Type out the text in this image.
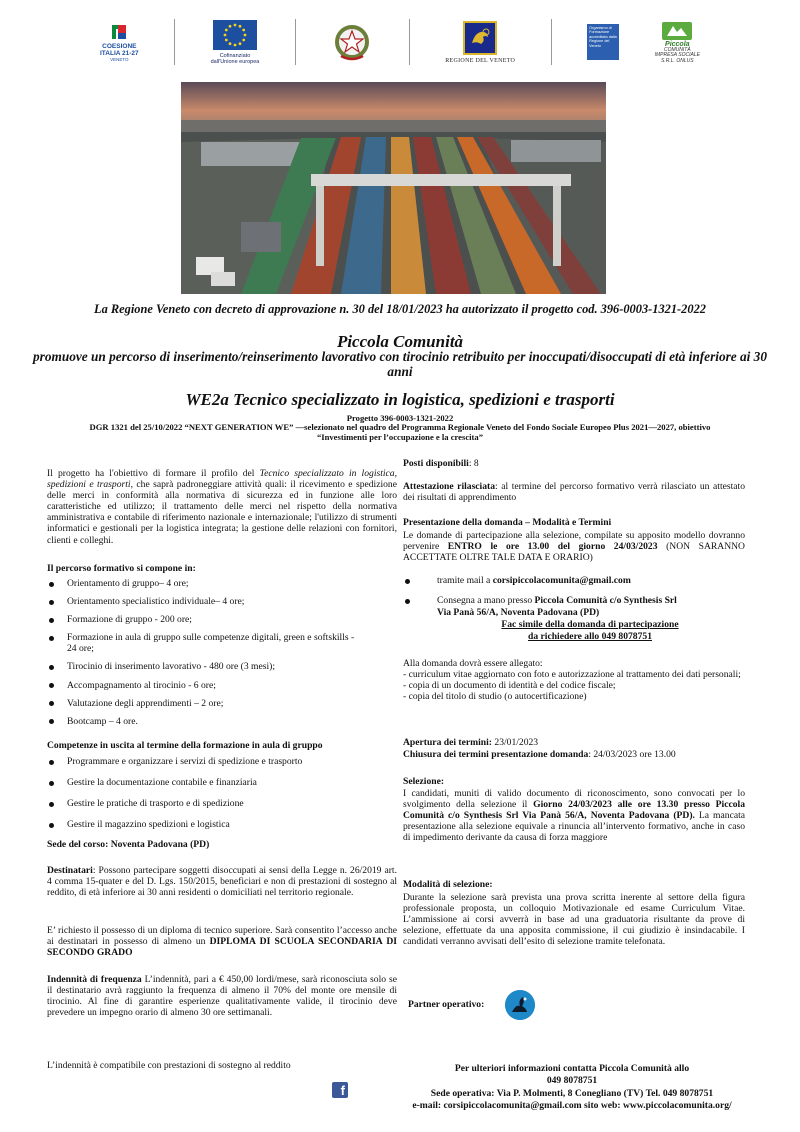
COESIONE
ITALIA 21-27
VENETO
Cofinanziato
dall'Unione europea	REGIONE DEL VENETO
Organismo di Formazione accreditato dalla Regione del Veneto	Piccola
COMUNITÀ
IMPRESA SOCIALE
S.R.L. ONLUS
La Regione Veneto con decreto di approvazione n. 30 del 18/01/2023 ha autorizzato il progetto cod. 396-0003-1321-2022
Piccola Comunità
promuove un percorso di inserimento/reinserimento lavorativo con tirocinio retribuito per inoccupati/disoccupati di età inferiore ai 30 anni
WE2a Tecnico specializzato in logistica, spedizioni e trasporti
Progetto 396-0003-1321-2022
DGR 1321 del 25/10/2022 “NEXT GENERATION WE” —selezionato nel quadro del Programma Regionale Veneto del Fondo Sociale Europeo Plus 2021—2027, obiettivo “Investimenti per l’occupazione e la crescita”
Il progetto ha l'obiettivo di formare il profilo del Tecnico specializzato in logistica, spedizioni e trasporti, che saprà padroneggiare attività quali: il ricevimento e spedizione delle merci in conformità alla normativa di sicurezza ed in funzione alle loro caratteristiche ed utilizzo; il trattamento delle merci nel rispetto della normativa amministrativa e contabile di riferimento nazionale e internazionale; l'utilizzo di strumenti informatici e gestionali per la logistica integrata; la gestione delle relazioni con fornitori, clienti e colleghi.
Il percorso formativo si compone in:
Orientamento di gruppo– 4 ore;
Orientamento specialistico individuale– 4 ore;
Formazione di gruppo - 200 ore;
Formazione in aula di gruppo sulle competenze digitali, green e softskills - 24 ore;
Tirocinio di inserimento lavorativo - 480 ore (3 mesi);
Accompagnamento al tirocinio - 6 ore;
Valutazione degli apprendimenti – 2 ore;
Bootcamp – 4 ore.
Competenze in uscita al termine della formazione in aula di gruppo
Programmare e organizzare i servizi di spedizione e trasporto
Gestire la documentazione contabile e finanziaria
Gestire le pratiche di trasporto e di spedizione
Gestire il magazzino spedizioni e logistica
Sede del corso: Noventa Padovana (PD)
Destinatari: Possono partecipare soggetti disoccupati ai sensi della Legge n. 26/2019 art. 4 comma 15-quater e del D. Lgs. 150/2015, beneficiari e non di prestazioni di sostegno al reddito, di età inferiore ai 30 anni residenti o domiciliati nel territorio regionale.
E’ richiesto il possesso di un diploma di tecnico superiore. Sarà consentito l’accesso anche ai destinatari in possesso di almeno un DIPLOMA DI SCUOLA SECONDARIA DI SECONDO GRADO
Indennità di frequenza L’indennità, pari a € 450,00 lordi/mese, sarà riconosciuta solo se il destinatario avrà raggiunto la frequenza di almeno il 70% del monte ore mensile di tirocinio. Al fine di garantire esperienze qualitativamente valide, il tirocinio deve prevedere un impegno orario di almeno 30 ore settimanali.
L’indennità è compatibile con prestazioni di sostegno al reddito
Posti disponibili: 8
Attestazione rilasciata: al termine del percorso formativo verrà rilasciato un attestato dei risultati di apprendimento
Presentazione della domanda – Modalità e Termini
Le domande di partecipazione alla selezione, compilate su apposito modello dovranno pervenire ENTRO le ore 13.00 del giorno 24/03/2023 (NON SARANNO ACCETTATE OLTRE TALE DATA E ORARIO)
tramite mail a corsipiccolacomunita@gmail.com
Consegna a mano presso Piccola Comunità c/o Synthesis Srl
Via Panà 56/A, Noventa Padovana (PD)
Fac simile della domanda di partecipazione
da richiedere allo 049 8078751
Alla domanda dovrà essere allegato:
- curriculum vitae aggiornato con foto e autorizzazione al trattamento dei dati personali;
- copia di un documento di identità e del codice fiscale;
- copia del titolo di studio (o autocertificazione)
Apertura dei termini: 23/01/2023
Chiusura dei termini presentazione domanda: 24/03/2023 ore 13.00
Selezione:
I candidati, muniti di valido documento di riconoscimento, sono convocati per lo svolgimento della selezione il Giorno 24/03/2023 alle ore 13.30 presso Piccola Comunità c/o Synthesis Srl Via Panà 56/A, Noventa Padovana (PD). La mancata presentazione alla selezione equivale a rinuncia all’intervento formativo, anche in caso di impedimento derivante da causa di forza maggiore
Modalità di selezione:
Durante la selezione sarà prevista una prova scritta inerente al settore della figura professionale proposta, un colloquio Motivazionale ed esame Curriculum Vitae. L’ammissione ai corsi avverrà in base ad una graduatoria risultante da prove di selezione, effettuate da una apposita commissione, il cui giudizio è insindacabile. I candidati verranno avvisati dell’esito di selezione tramite telefonata.
Partner operativo:
f
Per ulteriori informazioni contatta Piccola Comunità allo
049 8078751
Sede operativa: Via P. Molmenti, 8 Conegliano (TV) Tel. 049 8078751
e-mail: corsipiccolacomunita@gmail.com sito web: www.piccolacomunita.org/
